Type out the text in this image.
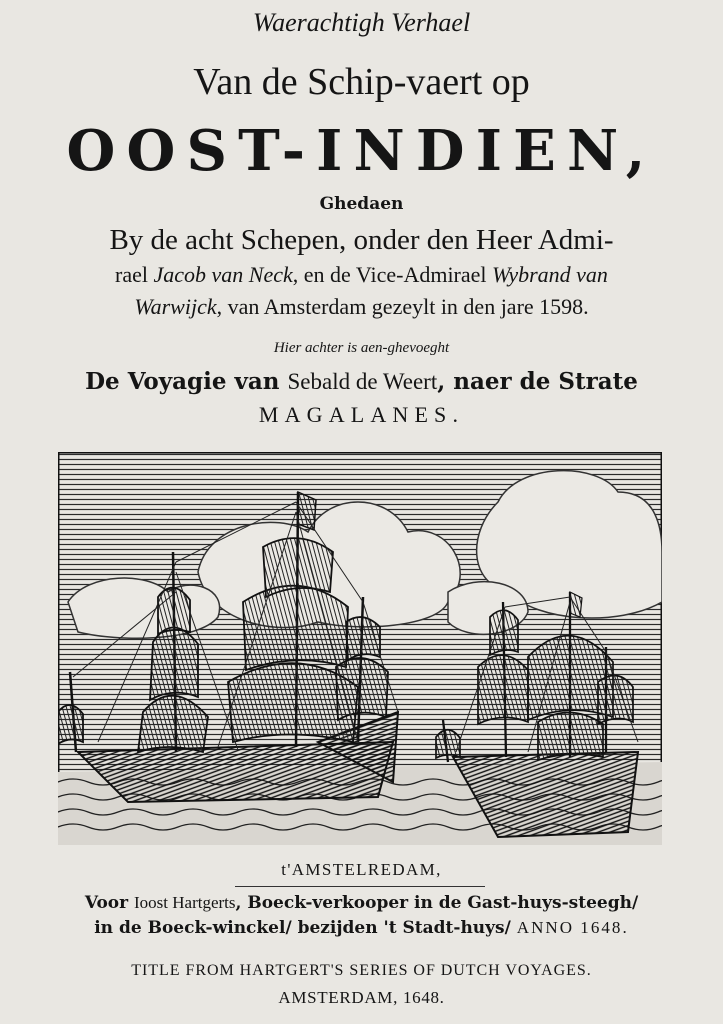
Waerachtigh Verhael
Van de Schip-vaert op
OOST-INDIEN,
Ghedaen
By de acht Schepen, onder den Heer Admi-
rael Jacob van Neck, en de Vice-Admirael Wybrand van
Warwijck, van Amsterdam gezeylt in den jare 1598.
Hier achter is aen-ghevoeght
De Voyagie van Sebald de Weert, naer de Strate
MAGALANES.
t'AMSTELREDAM,
Voor Ioost Hartgerts, Boeck-verkooper in de Gast-huys-steegh/
in de Boeck-winckel/ bezijden 't Stadt-huys/ ANNO 1648.
TITLE FROM HARTGERT'S SERIES OF DUTCH VOYAGES.
AMSTERDAM, 1648.
